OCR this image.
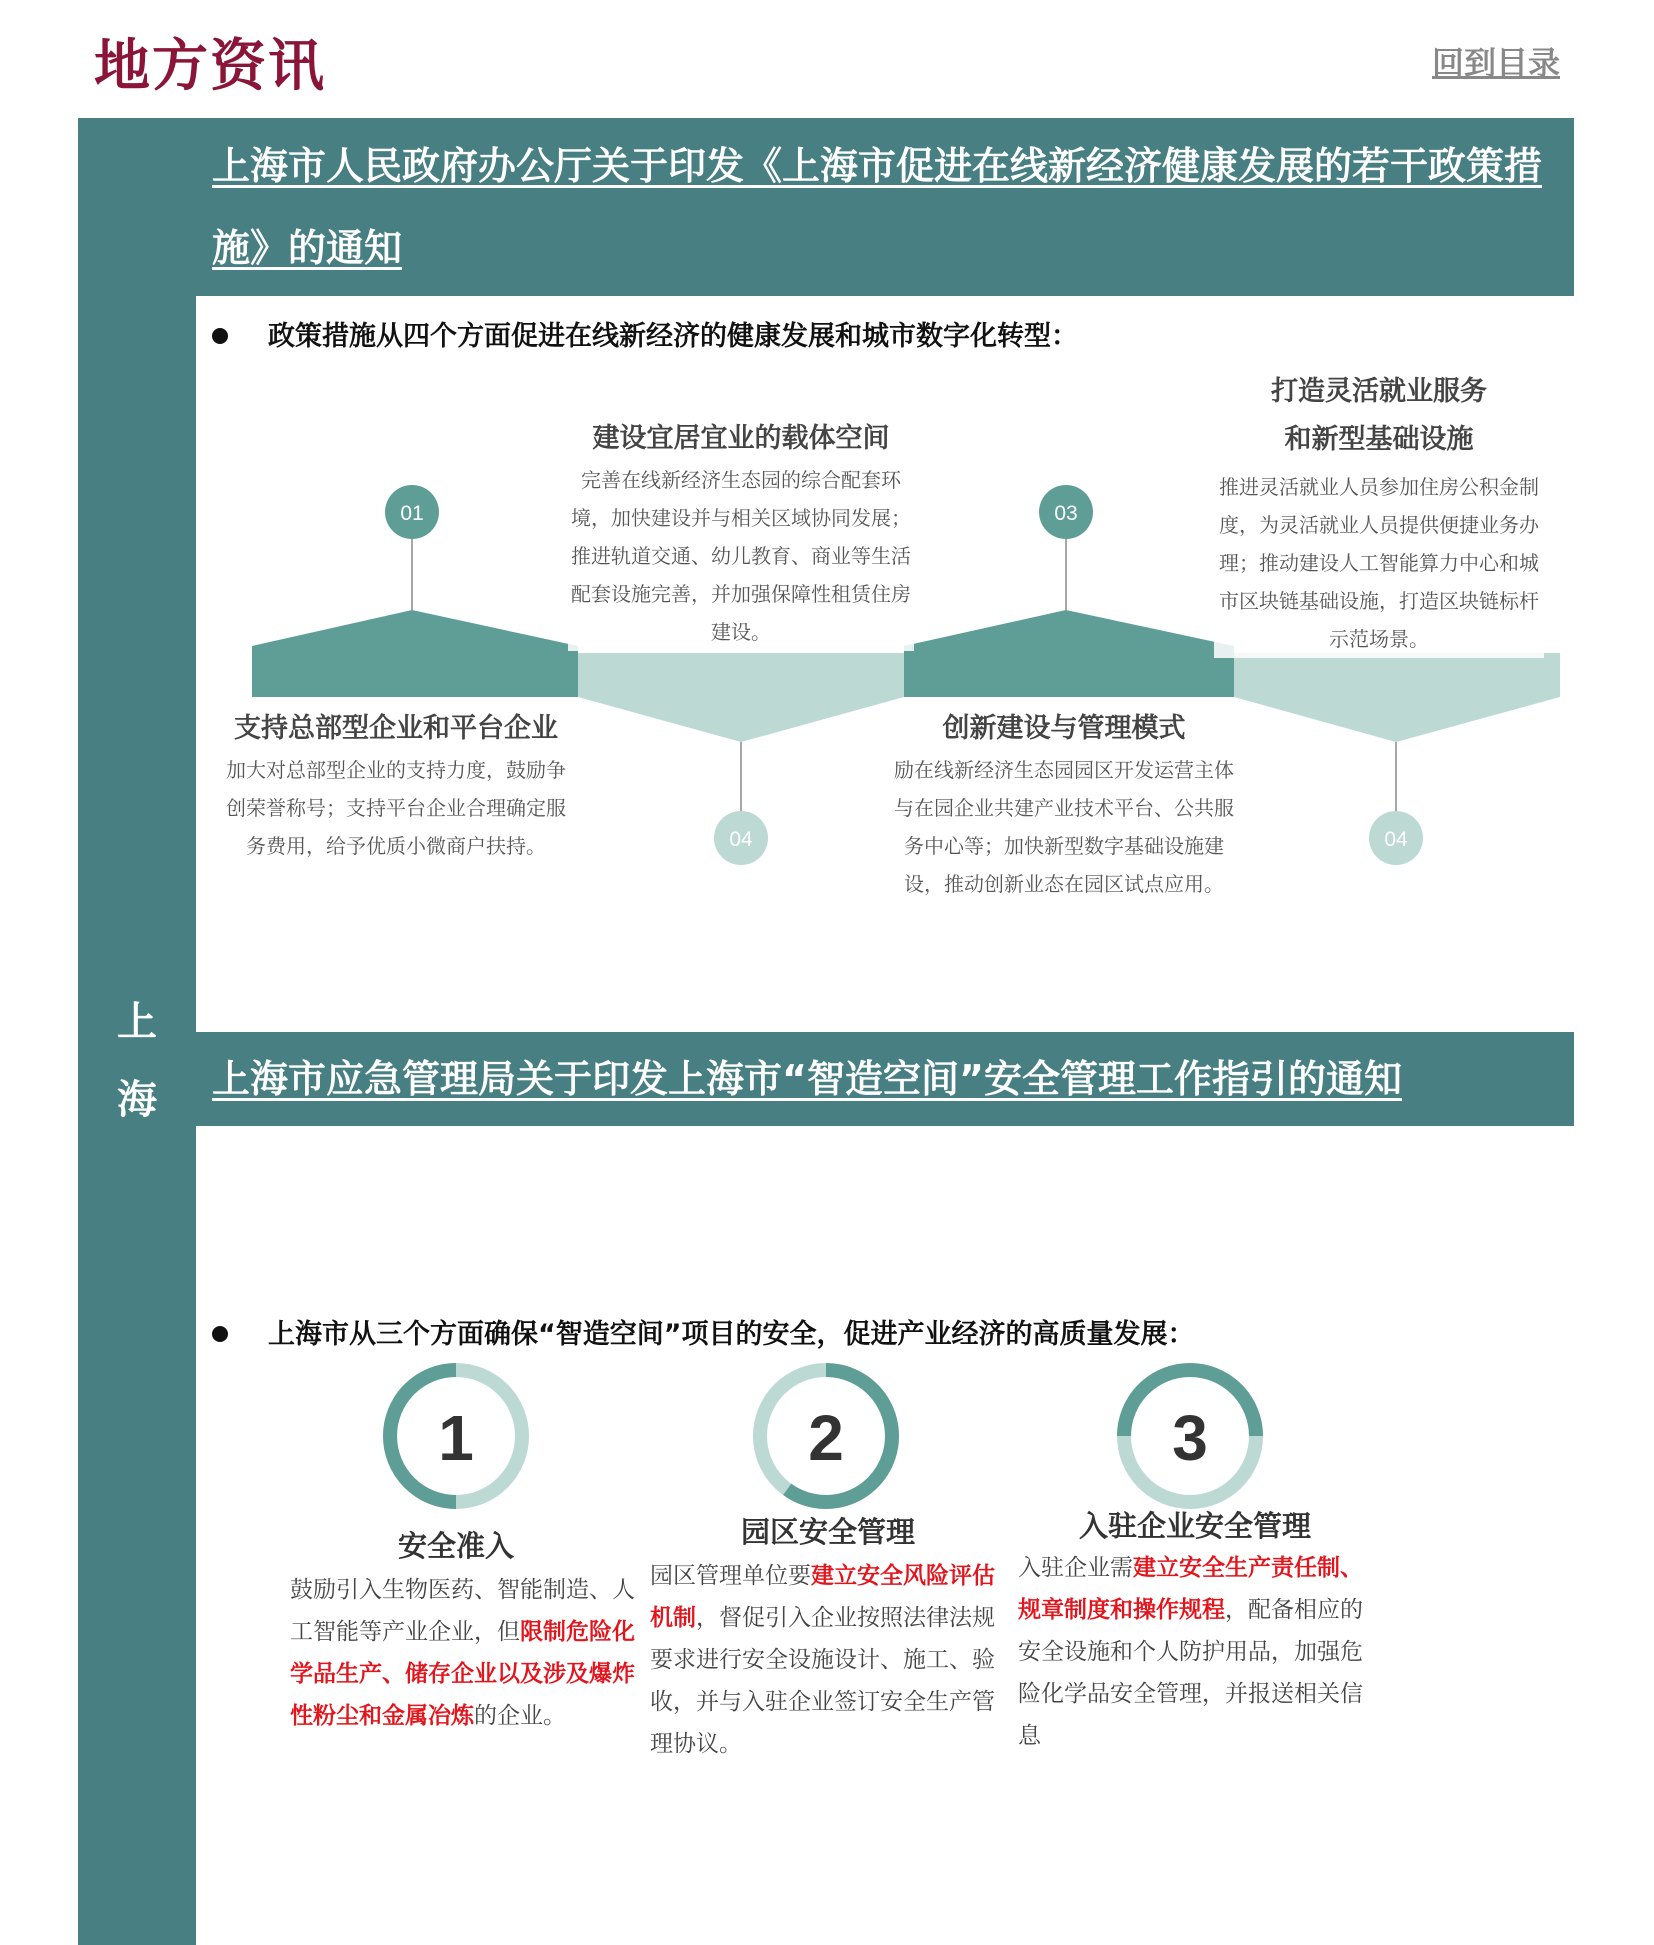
地方资讯	回到目录
上
海

上海市人民政府办公厅关于印发《上海市促进在线新经济健康发展的若干政策措施》的通知

政策措施从四个方面促进在线新经济的健康发展和城市数字化转型：
01
04
03
04
支持总部型企业和平台企业
加大对总部型企业的支持力度，鼓励争创荣誉称号；支持平台企业合理确定服务费用，给予优质小微商户扶持。
建设宜居宜业的载体空间
完善在线新经济生态园的综合配套环境，加快建设并与相关区域协同发展；推进轨道交通、幼儿教育、商业等生活配套设施完善，并加强保障性租赁住房建设。
创新建设与管理模式
励在线新经济生态园园区开发运营主体与在园企业共建产业技术平台、公共服务中心等；加快新型数字基础设施建设，推动创新业态在园区试点应用。
打造灵活就业服务和新型基础设施
推进灵活就业人员参加住房公积金制度，为灵活就业人员提供便捷业务办理；推动建设人工智能算力中心和城市区块链基础设施，打造区块链标杆示范场景。

上海市应急管理局关于印发上海市“智造空间”安全管理工作指引的通知

上海市从三个方面确保“智造空间”项目的安全，促进产业经济的高质量发展：
1
安全准入
鼓励引入生物医药、智能制造、人工智能等产业企业，但限制危险化学品生产、储存企业以及涉及爆炸性粉尘和金属冶炼的企业。
2
园区安全管理
园区管理单位要建立安全风险评估机制，督促引入企业按照法律法规要求进行安全设施设计、施工、验收，并与入驻企业签订安全生产管理协议。
3
入驻企业安全管理
入驻企业需建立安全生产责任制、规章制度和操作规程，配备相应的安全设施和个人防护用品，加强危险化学品安全管理，并报送相关信息
